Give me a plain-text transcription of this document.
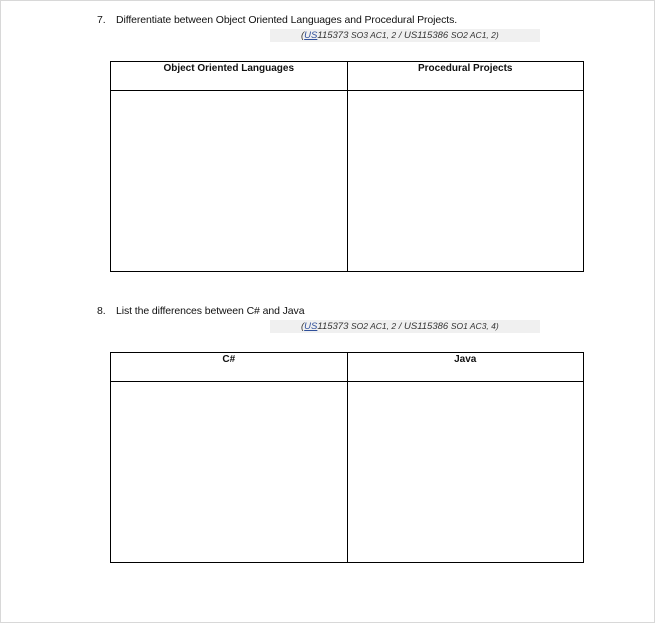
7. Differentiate between Object Oriented Languages and Procedural Projects.
(US115373 SO3 AC1, 2 / US115386 SO2 AC1, 2)
Object Oriented Languages	Procedural Projects

8. List the differences between C# and Java
(US115373 SO2 AC1, 2 / US115386 SO1 AC3, 4)
C#	Java
